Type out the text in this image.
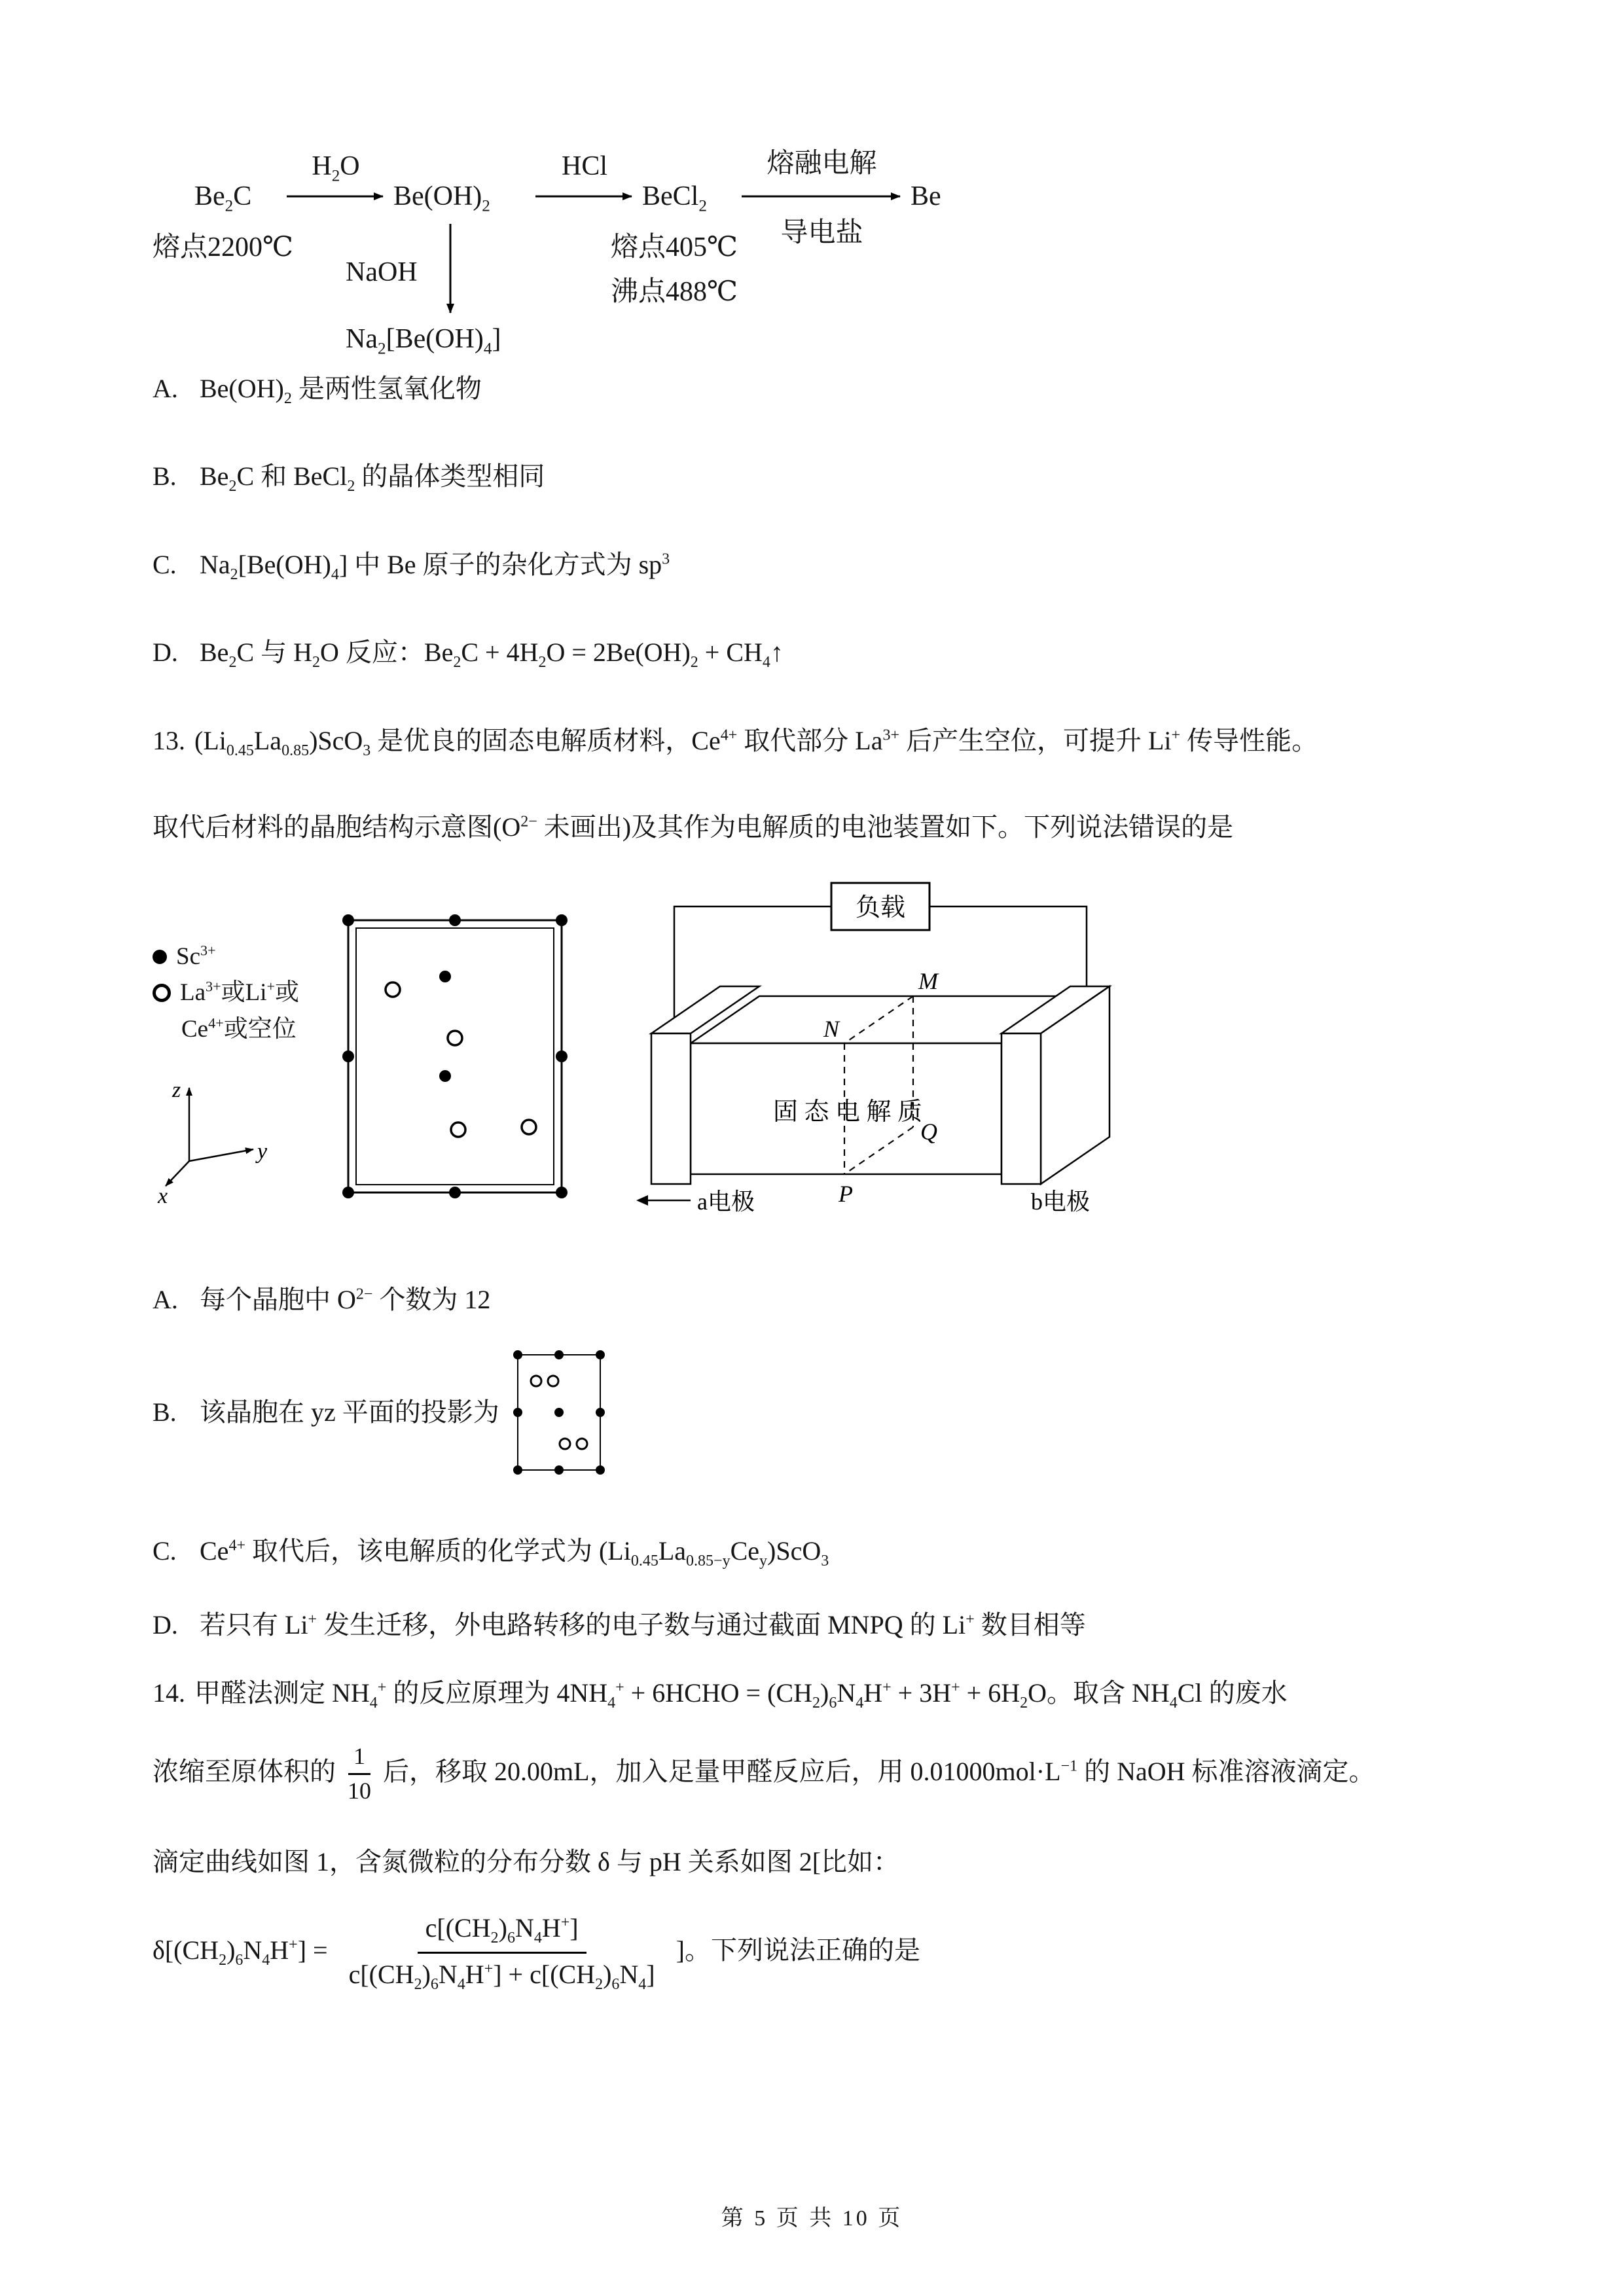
熔点2200℃
$Be_2C$
$H_2O$
$Be(OH)_2$
NaOH
$Na_2[Be(OH)_4]$
HCl
BeCl$_2$
熔点405℃
沸点488℃
熔融电解
导电盐
Be
A. $Be(OH)_2$ 是两性氢氧化物
B. $Be_2C$ 和 BeCl$_2$ 的晶体类型相同
C. $Na_2[Be(OH)_4]$ 中 Be 原子的杂化方式为 $sp^3$
D. $Be_2C$ 与 $H_2O$ 反应：$Be_2C + 4H_2O = 2Be(OH)_2$ + $CH_4↑$
13. $(Li_{0.45}La_{0.85})ScO_3$ 是优良的固态电解质材料，$Ce^{4+}$ 取代部分 $La^{3+}$ 后产生空位，可提升 Li+ 传导性能。
取代后材料的晶胞结构示意图($O^{2-}$ 未画出)及其作为电解质的电池装置如下。下列说法错误的是
$Sc^{3+}$
$La^{3+}$或Li+或
$Ce^{4+}$或空位
z
y
x
负载
M
N
P
Q
固 态 电 解 质
a电极	b电极
A. 每个晶胞中 $O^{2-}$ 个数为 12
B. 该晶胞在 yz 平面的投影为
C. $Ce^{4+}$ 取代后，该电解质的化学式为 $(Li_{0.45}La_{0.85-y}Ce_y)ScO_3$
D. 若只有 Li+ 发生迁移，外电路转移的电子数与通过截面 MNPQ 的 Li+ 数目相等
14. 甲醛法测定 $NH_4^+$ 的反应原理为 $4NH_4^+$ + 6HCHO = $(CH_2)_6N_4H^+ + 3H^+ + 6H_2O$。取含 $NH_4Cl$ 的废水
浓缩至原体积的 $\frac{1}{10}$ 后，移取 20.00mL，加入足量甲醛反应后，用 $0.01000mol\cdot L^{-1}$ 的 NaOH 标准溶液滴定。
滴定曲线如图 1，含氮微粒的分布分数 δ 与 pH 关系如图 2[比如：
$\delta[(CH_2)_6N_4H^+] = \frac{c[(CH_2)_6N_4H^+]}{c[(CH_2)_6N_4H^+] + c[(CH_2)_6N_4]}$ ]。下列说法正确的是
第 5 页 共 10 页
